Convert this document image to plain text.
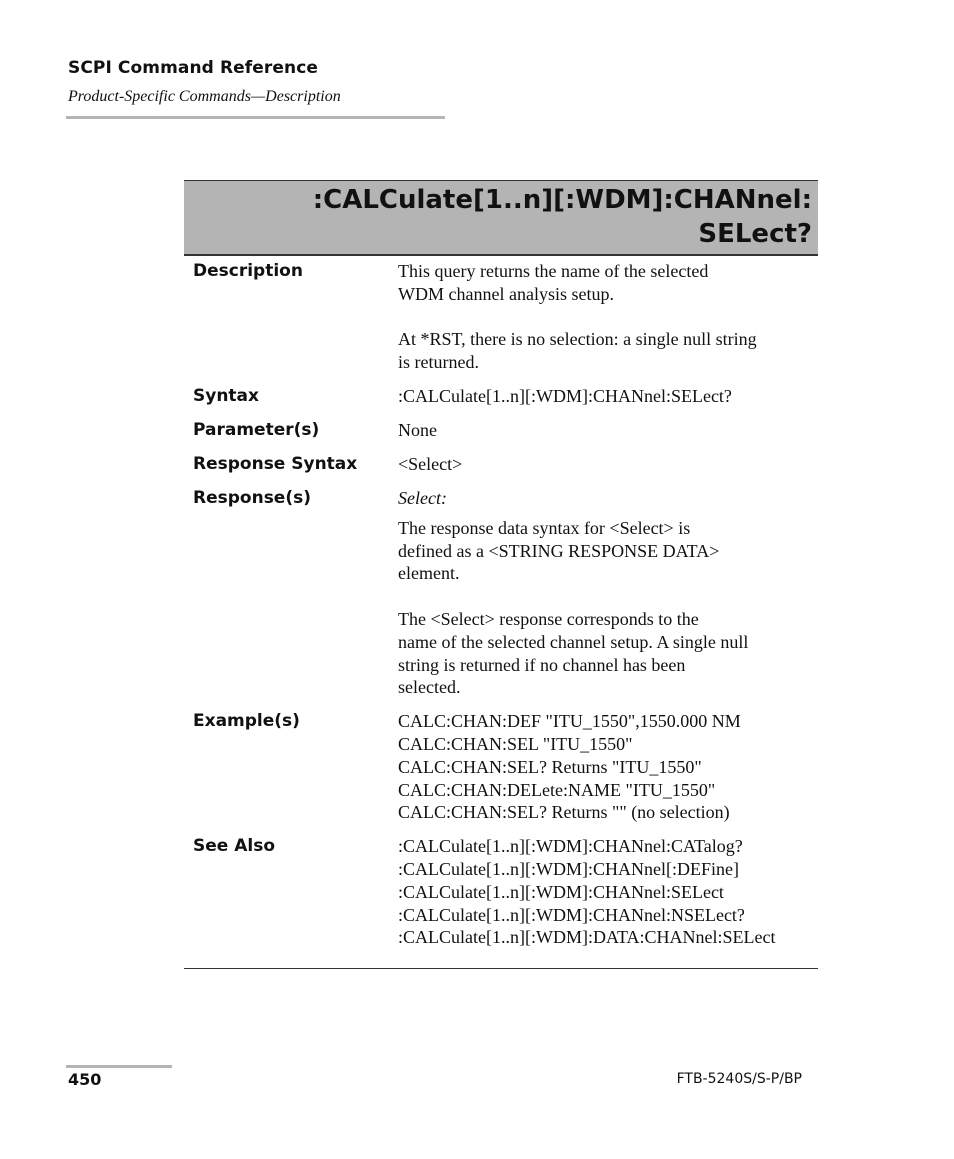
SCPI Command Reference
Product-Specific Commands—Description
:CALCulate[1..n][:WDM]:CHANnel:
SELect?
Description	This query returns the name of the selected

WDM channel analysis setup.

At *RST, there is no selection: a single null string

is returned.

Syntax	:CALCulate[1..n][:WDM]:CHANnel:SELect?
Parameter(s)	None
Response Syntax	<Select>
Response(s)	Select:

The response data syntax for <Select> is

defined as a <STRING RESPONSE DATA>

element.

The <Select> response corresponds to the

name of the selected channel setup. A single null

string is returned if no channel has been

selected.

Example(s)	CALC:CHAN:DEF "ITU_1550",1550.000 NM

CALC:CHAN:SEL "ITU_1550"

CALC:CHAN:SEL? Returns "ITU_1550"

CALC:CHAN:DELete:NAME "ITU_1550"

CALC:CHAN:SEL? Returns "" (no selection)

See Also	:CALCulate[1..n][:WDM]:CHANnel:CATalog?

:CALCulate[1..n][:WDM]:CHANnel[:DEFine]

:CALCulate[1..n][:WDM]:CHANnel:SELect

:CALCulate[1..n][:WDM]:CHANnel:NSELect?

:CALCulate[1..n][:WDM]:DATA:CHANnel:SELect

450	FTB-5240S/S-P/BP
